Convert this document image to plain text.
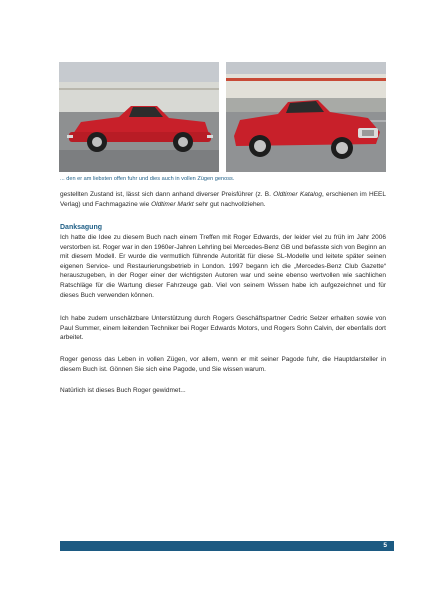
... den er am liebsten offen fuhr und dies auch in vollen Zügen genoss.

gestellten Zustand ist, lässt sich dann anhand diverser Preisführer (z. B. Oldtimer Katalog, erschienen im HEEL Verlag) und Fachmagazine wie Oldtimer Markt sehr gut nachvollziehen.

Danksagung

Ich hatte die Idee zu diesem Buch nach einem Treffen mit Roger Edwards, der leider viel zu früh im Jahr 2006 verstorben ist. Roger war in den 1960er-Jahren Lehrling bei Mercedes-Benz GB und befasste sich von Beginn an mit diesem Modell. Er wurde die vermutlich führende Autorität für diese SL-Modelle und leitete später seinen eigenen Service- und Restaurierungsbetrieb in London. 1997 begann ich die „Mercedes-Benz Club Gazette“ herauszugeben, in der Roger einer der wichtigsten Autoren war und seine ebenso wertvollen wie sachlichen Ratschläge für die Wartung dieser Fahrzeuge gab. Viel von seinem Wissen habe ich aufgezeichnet und für dieses Buch verwenden können.

Ich habe zudem unschätzbare Unterstützung durch Rogers Geschäftspartner Cedric Selzer erhalten sowie von Paul Summer, einem leitenden Techniker bei Roger Edwards Motors, und Rogers Sohn Calvin, der ebenfalls dort arbeitet.

Roger genoss das Leben in vollen Zügen, vor allem, wenn er mit seiner Pagode fuhr, die Hauptdarsteller in diesem Buch ist. Gönnen Sie sich eine Pagode, und Sie wissen warum.

Natürlich ist dieses Buch Roger gewidmet...

5
